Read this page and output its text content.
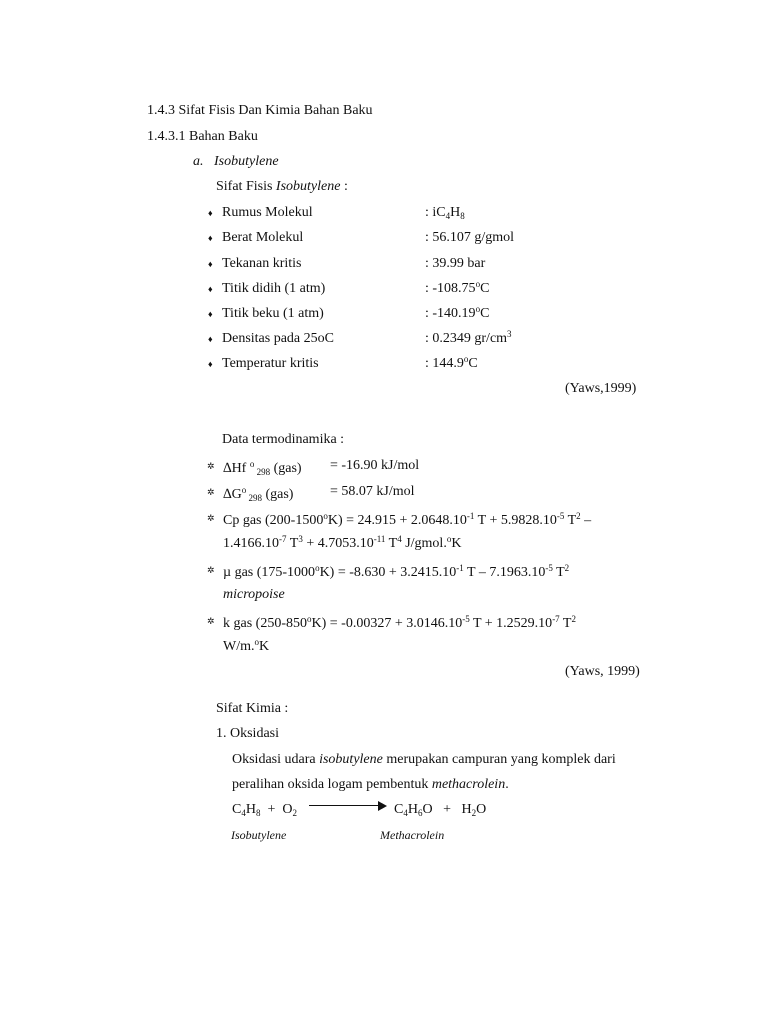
1.4.3 Sifat Fisis Dan Kimia Bahan Baku
1.4.3.1 Bahan Baku
a. Isobutylene
Sifat Fisis Isobutylene :
♦ Rumus Molekul	: $iC_4H_8$
♦ Berat Molekul	: 56.107 g/gmol
♦ Tekanan kritis	: 39.99 bar
♦ Titik didih (1 atm)	: -108.75$^o$C
♦ Titik beku (1 atm)	: -140.19$^o$C
♦ Densitas pada 25oC	: 0.2349 $gr/cm^3$
♦ Temperatur kritis	: 144.9$^o$C
(Yaws,1999)
Data termodinamika :
✲ ∆Hf $^o$ $_{298}$ (gas) = -16.90 kJ/mol
✲ $\Delta G^o$ $_{298}$ (gas)	= 58.07 kJ/mol
✲ Cp gas $(200-1500^oK) = 24.915 + 2.0648.10^{-1}$ $T + 5.9828.10^{-5}$ $T^2$ –
$1.4166.10^{-7}$ $T^3 + 4.7053.10^{-11}$ $T^4$ J/gmol.$^o$K
✲ µ gas $(175-1000^oK) = -8.630 + 3.2415.10^{-1}$ T – $7.1963.10^{-5}$ $T^2$
micropoise
✲ k gas $(250-850^oK) = -0.00327 + 3.0146.10^{-5}$ $T + 1.2529.10^{-7}$ $T^2$
W/m.$^o$K
(Yaws, 1999)
Sifat Kimia :
1. Oksidasi
Oksidasi udara isobutylene merupakan campuran yang komplek dari
peralihan oksida logam pembentuk methacrolein.
$C_4H_8 + O_2$	$C_4H_6O + H_2O$
Isobutylene	Methacrolein
